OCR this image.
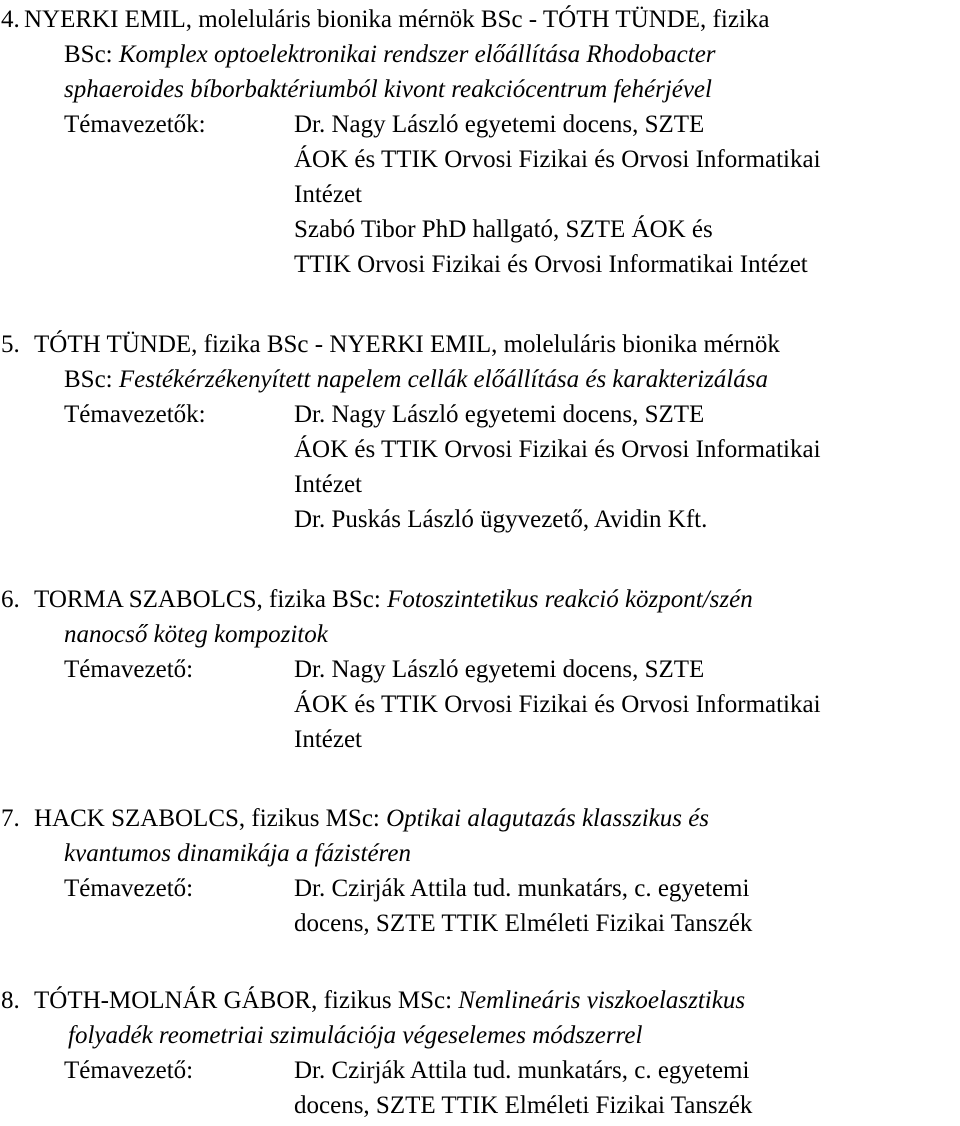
4. NYERKI EMIL, moleluláris bionika mérnök BSc - TÓTH TÜNDE, fizika
BSc: Komplex optoelektronikai rendszer előállítása Rhodobacter
sphaeroides bíborbaktériumból kivont reakciócentrum fehérjével
Témavezetők:	Dr. Nagy László egyetemi docens, SZTE
ÁOK és TTIK Orvosi Fizikai és Orvosi Informatikai
Intézet
Szabó Tibor PhD hallgató, SZTE ÁOK és
TTIK Orvosi Fizikai és Orvosi Informatikai Intézet
5. TÓTH TÜNDE, fizika BSc - NYERKI EMIL, moleluláris bionika mérnök
BSc: Festékérzékenyített napelem cellák előállítása és karakterizálása
Témavezetők:	Dr. Nagy László egyetemi docens, SZTE
ÁOK és TTIK Orvosi Fizikai és Orvosi Informatikai
Intézet
Dr. Puskás László ügyvezető, Avidin Kft.
6. TORMA SZABOLCS, fizika BSc: Fotoszintetikus reakció központ/szén
nanocső köteg kompozitok
Témavezető:	Dr. Nagy László egyetemi docens, SZTE
ÁOK és TTIK Orvosi Fizikai és Orvosi Informatikai
Intézet
7. HACK SZABOLCS, fizikus MSc: Optikai alagutazás klasszikus és
kvantumos dinamikája a fázistéren
Témavezető:	Dr. Czirják Attila tud. munkatárs, c. egyetemi
docens, SZTE TTIK Elméleti Fizikai Tanszék
8. TÓTH-MOLNÁR GÁBOR, fizikus MSc: Nemlineáris viszkoelasztikus
folyadék reometriai szimulációja végeselemes módszerrel
Témavezető:	Dr. Czirják Attila tud. munkatárs, c. egyetemi
docens, SZTE TTIK Elméleti Fizikai Tanszék
